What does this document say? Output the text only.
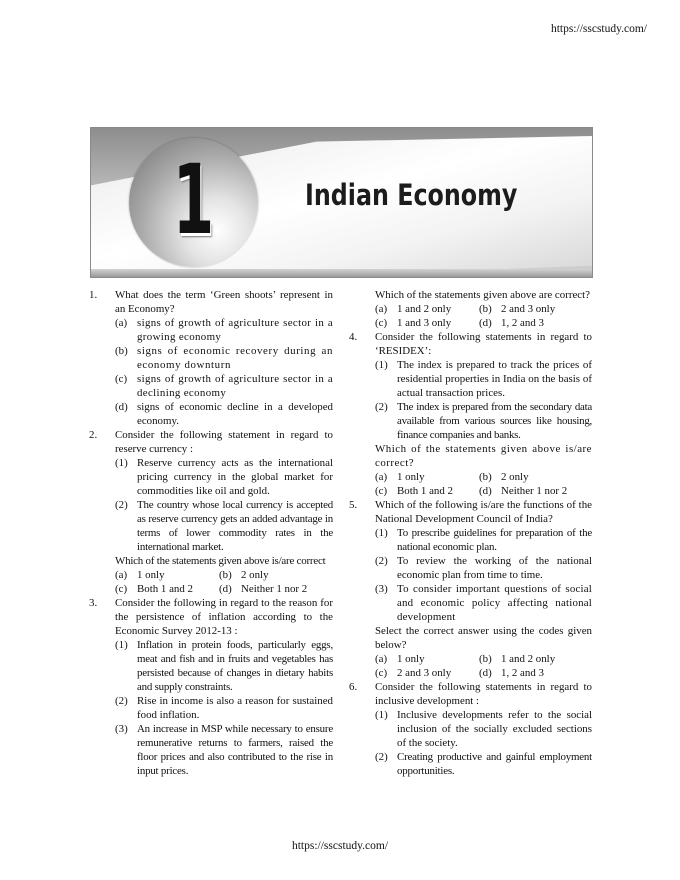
https://sscstudy.com/
1	Indian Economy
1.	What does the term ‘Green shoots’ represent in an Economy?
(a) signs of growth of agriculture sector in a growing economy
(b) signs of economic recovery during an economy downturn
(c) signs of growth of agriculture sector in a declining economy
(d) signs of economic decline in a developed economy.
2.	Consider the following statement in regard to reserve currency :
(1) Reserve currency acts as the international pricing currency in the global market for commodities like oil and gold.
(2) The country whose local currency is accepted as reserve currency gets an added advantage in terms of lower commodity rates in the international market.
Which of the statements given above is/are correct
(a) 1 only	(b) 2 only
(c) Both 1 and 2 (d) Neither 1 nor 2
3.	Consider the following in regard to the reason for the persistence of inflation according to the Economic Survey 2012-13 :
(1) Inflation in protein foods, particularly eggs, meat and fish and in fruits and vegetables has persisted because of changes in dietary habits and supply constraints.
(2) Rise in income is also a reason for sustained food inflation.
(3) An increase in MSP while necessary to ensure remunerative returns to farmers, raised the floor prices and also contributed to the rise in input prices.
Which of the statements given above are correct?
(a) 1 and 2 only	(b) 2 and 3 only
(c) 1 and 3 only	(d) 1, 2 and 3
4.	Consider the following statements in regard to ‘RESIDEX’:
(1) The index is prepared to track the prices of residential properties in India on the basis of actual transaction prices.
(2) The index is prepared from the secondary data available from various sources like housing, finance companies and banks.
Which of the statements given above is/are correct?
(a) 1 only	(b) 2 only
(c) Both 1 and 2 (d) Neither 1 nor 2
5.	Which of the following is/are the functions of the National Development Council of India?
(1) To prescribe guidelines for preparation of the national economic plan.
(2) To review the working of the national economic plan from time to time.
(3) To consider important questions of social and economic policy affecting national development
Select the correct answer using the codes given below?
(a) 1 only	(b) 1 and 2 only
(c) 2 and 3 only	(d) 1, 2 and 3
6.	Consider the following statements in regard to inclusive development :
(1) Inclusive developments refer to the social inclusion of the socially excluded sections of the society.
(2) Creating productive and gainful employment opportunities.
https://sscstudy.com/
